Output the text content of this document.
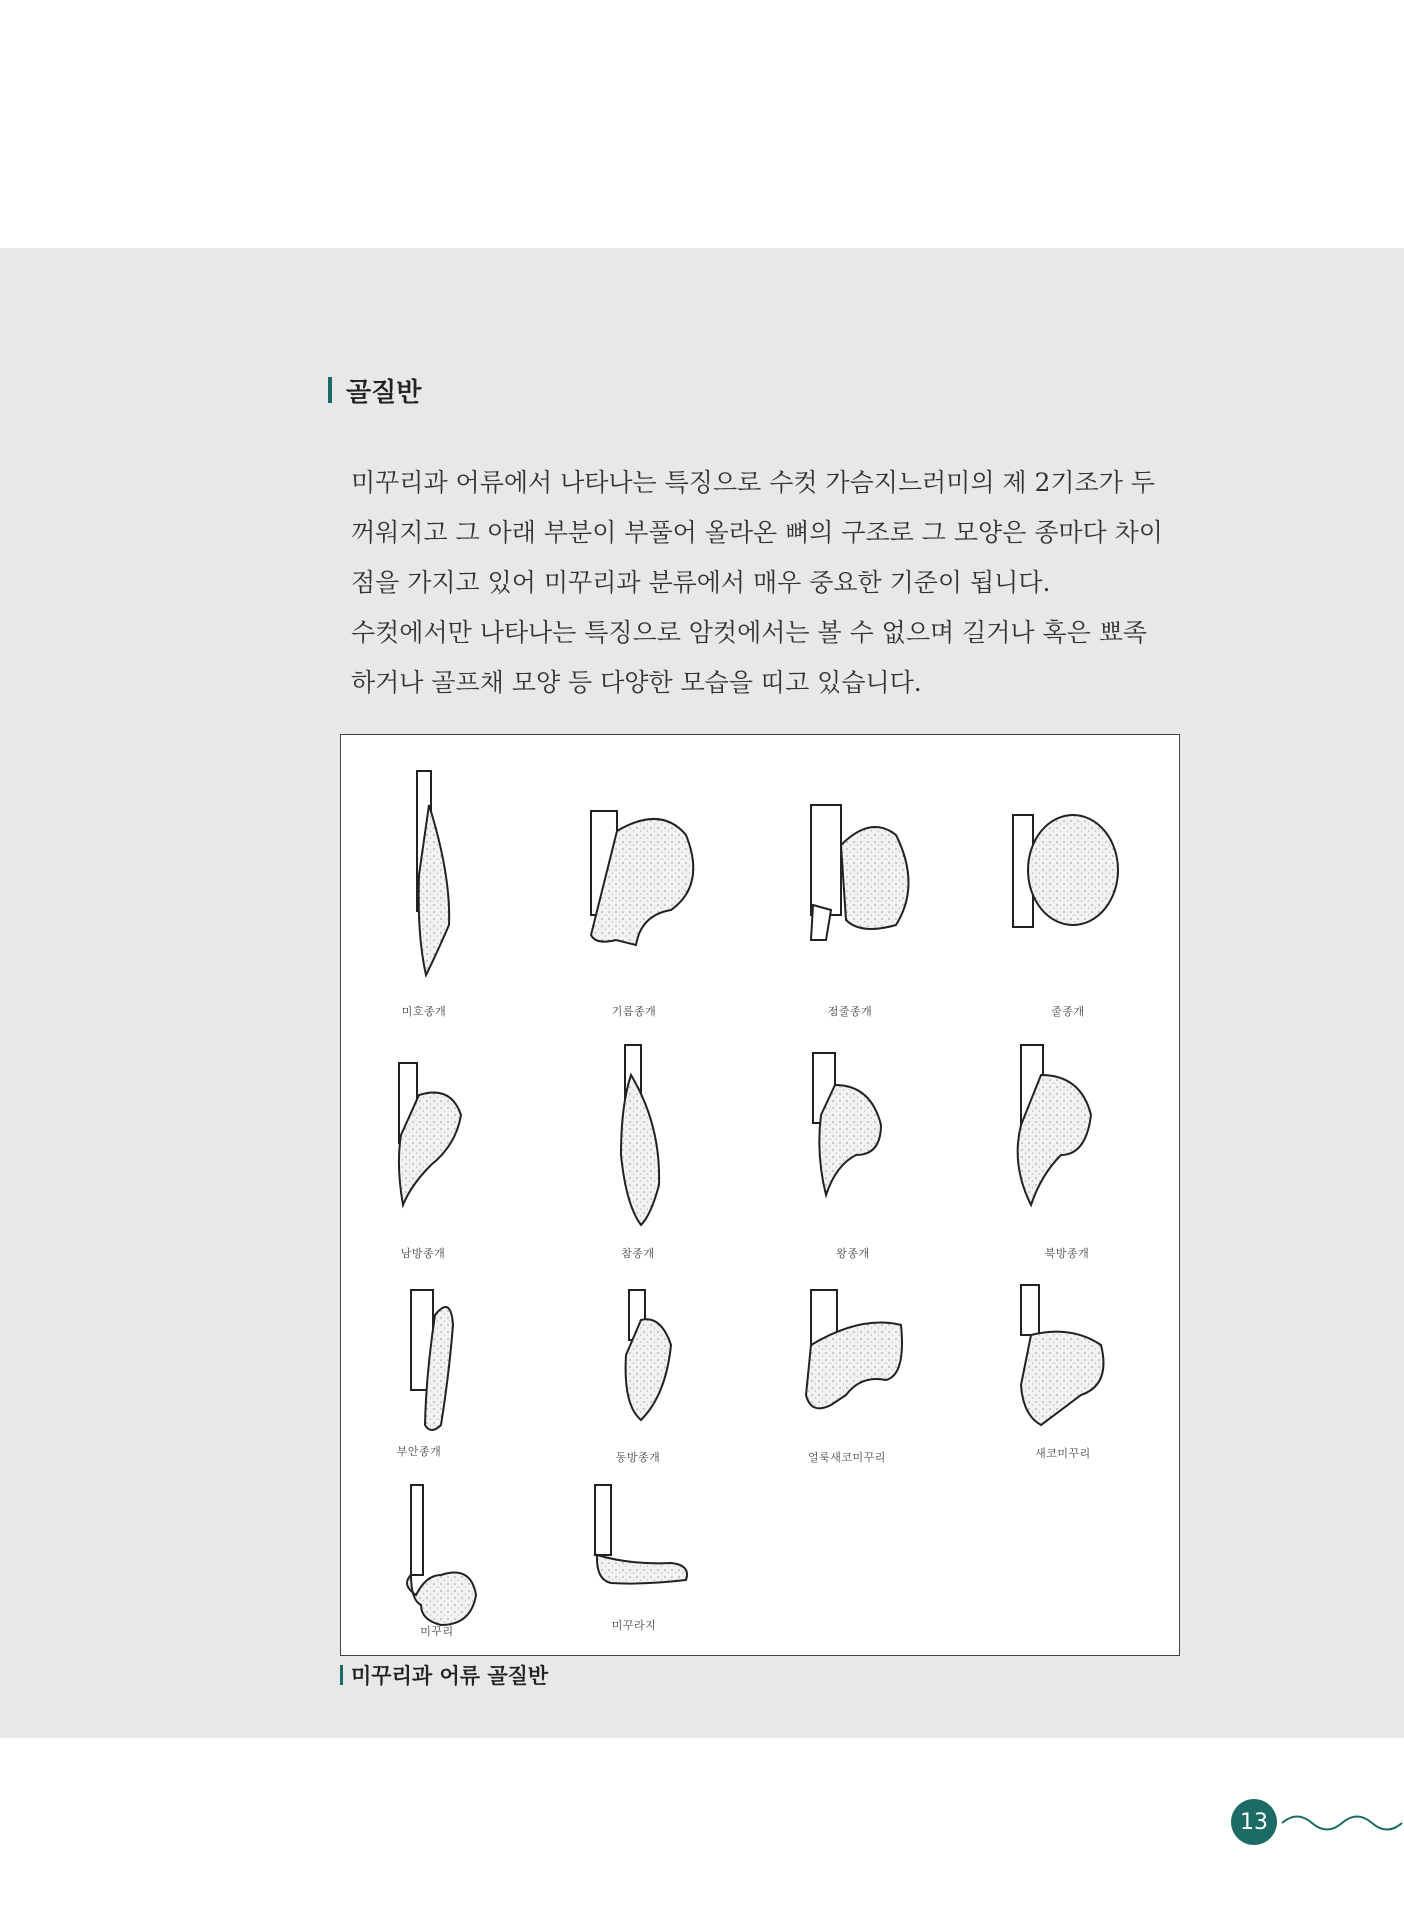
골질반

미꾸리과 어류에서 나타나는 특징으로 수컷 가슴지느러미의 제 2기조가 두

꺼워지고 그 아래 부분이 부풀어 올라온 뼈의 구조로 그 모양은 종마다 차이

점을 가지고 있어 미꾸리과 분류에서 매우 중요한 기준이 됩니다.

수컷에서만 나타나는 특징으로 암컷에서는 볼 수 없으며 길거나 혹은 뾰족

하거나 골프채 모양 등 다양한 모습을 띠고 있습니다.

미호종개	기름종개	점줄종개	줄종개
남방종개	참종개	왕종개	북방종개
부안종개	동방종개	얼룩새코미꾸리	새코미꾸리
미꾸리	미꾸라지
미꾸리과 어류 골질반
13
